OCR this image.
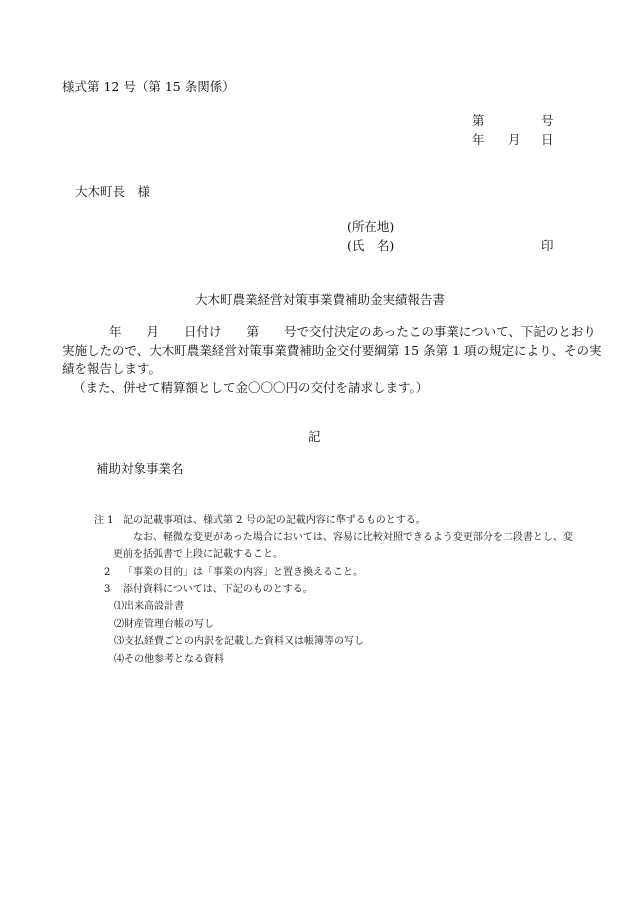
様式第 12 号（第 15 条関係）
第	号
年 月 日
大木町長　様
(所在地)
(氏　名)	印
大木町農業経営対策事業費補助金実績報告書

年　　月　　日付け　　第　　号で交付決定のあったこの事業について、下記のとおり

実施したので、大木町農業経営対策事業費補助金交付要綱第 15 条第 1 項の規定により、その実

績を報告します。

（また、併せて精算額として金〇〇〇円の交付を請求します。）

記
補助対象事業名
注 1 記の記載事項は、様式第 2 号の記の記載内容に準ずるものとする。
なお、軽微な変更があった場合においては、容易に比較対照できるよう変更部分を二段書とし、変
更前を括弧書で上段に記載すること。
2 「事業の目的」は「事業の内容」と置き換えること。
3 添付資料については、下記のものとする。
⑴出来高設計書
⑵財産管理台帳の写し
⑶支払経費ごとの内訳を記載した資料又は帳簿等の写し
⑷その他参考となる資料
